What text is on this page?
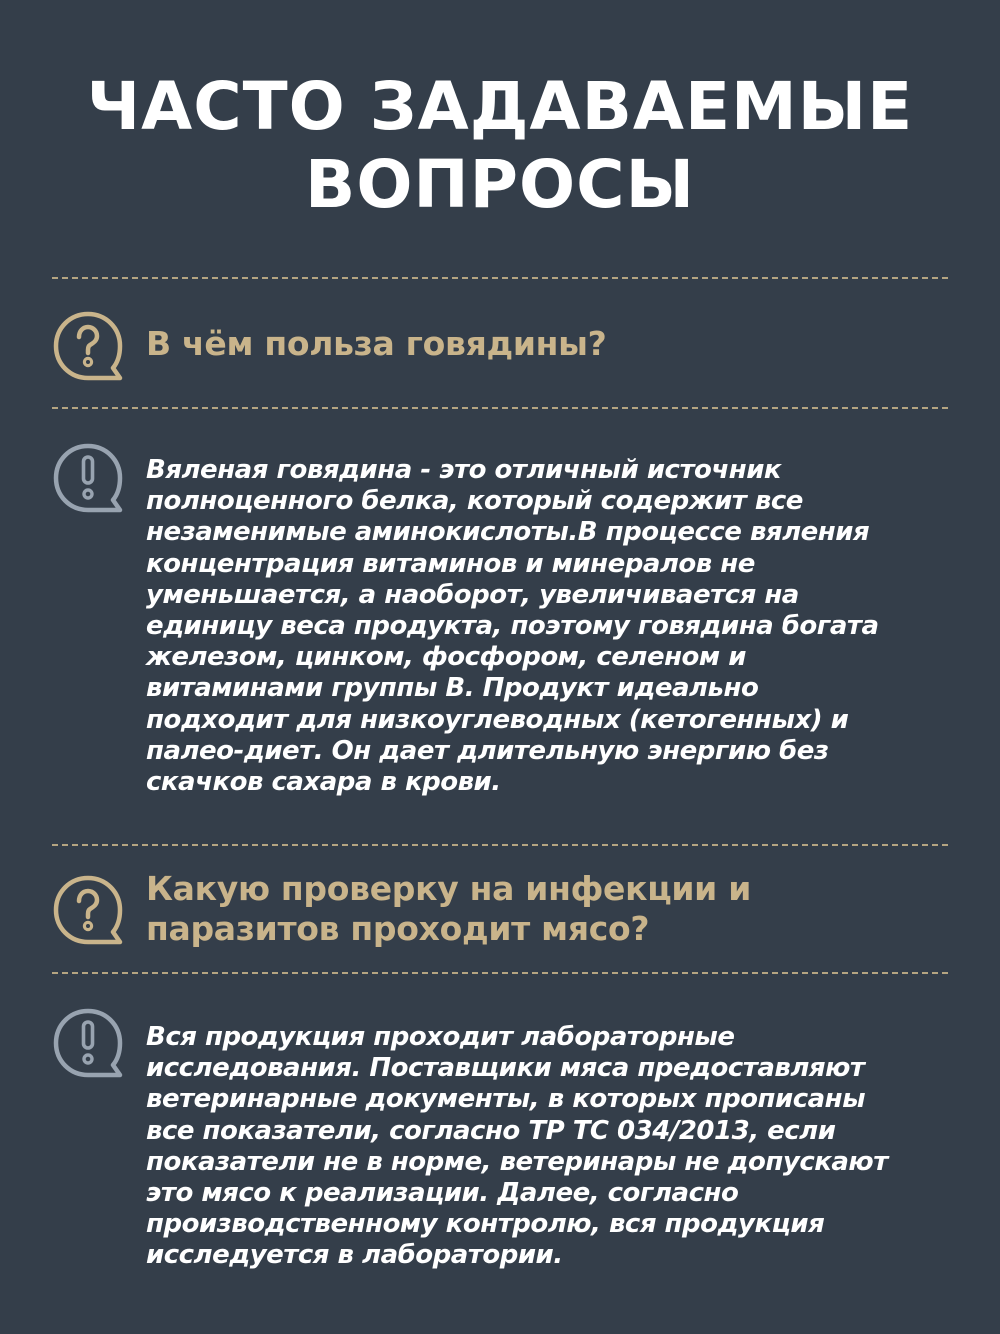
ЧАСТО ЗАДАВАЕМЫЕ
ВОПРОСЫ
В чём польза говядины?
Вяленая говядина - это отличный источник
полноценного белка, который содержит все
незаменимые аминокислоты.В процессе вяления
концентрация витаминов и минералов не
уменьшается, а наоборот, увеличивается на
единицу веса продукта, поэтому говядина богата
железом, цинком, фосфором, селеном и
витаминами группы B. Продукт идеально
подходит для низкоуглеводных (кетогенных) и
палео-диет. Он дает длительную энергию без
скачков сахара в крови.
Какую проверку на инфекции и
паразитов проходит мясо?
Вся продукция проходит лабораторные
исследования. Поставщики мяса предоставляют
ветеринарные документы, в которых прописаны
все показатели, согласно ТР ТС 034/2013, если
показатели не в норме, ветеринары не допускают
это мясо к реализации. Далее, согласно
производственному контролю, вся продукция
исследуется в лаборатории.
